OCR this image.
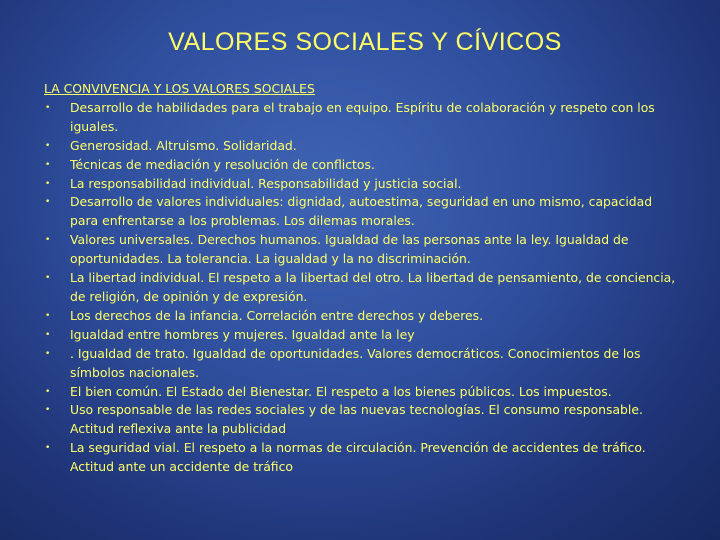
VALORES SOCIALES Y CÍVICOS
LA CONVIVENCIA Y LOS VALORES SOCIALES
• Desarrollo de habilidades para el trabajo en equipo. Espíritu de colaboración y respeto con los iguales.
• Generosidad. Altruismo. Solidaridad.
• Técnicas de mediación y resolución de conflictos.
• La responsabilidad individual. Responsabilidad y justicia social.
• Desarrollo de valores individuales: dignidad, autoestima, seguridad en uno mismo, capacidad para enfrentarse a los problemas. Los dilemas morales.
• Valores universales. Derechos humanos. Igualdad de las personas ante la ley. Igualdad de oportunidades. La tolerancia. La igualdad y la no discriminación.
• La libertad individual. El respeto a la libertad del otro. La libertad de pensamiento, de conciencia, de religión, de opinión y de expresión.
• Los derechos de la infancia. Correlación entre derechos y deberes.
• Igualdad entre hombres y mujeres. Igualdad ante la ley
• . Igualdad de trato. Igualdad de oportunidades. Valores democráticos. Conocimientos de los símbolos nacionales.
• El bien común. El Estado del Bienestar. El respeto a los bienes públicos. Los impuestos.
• Uso responsable de las redes sociales y de las nuevas tecnologías. El consumo responsable. Actitud reflexiva ante la publicidad
• La seguridad vial. El respeto a la normas de circulación. Prevención de accidentes de tráfico. Actitud ante un accidente de tráfico
